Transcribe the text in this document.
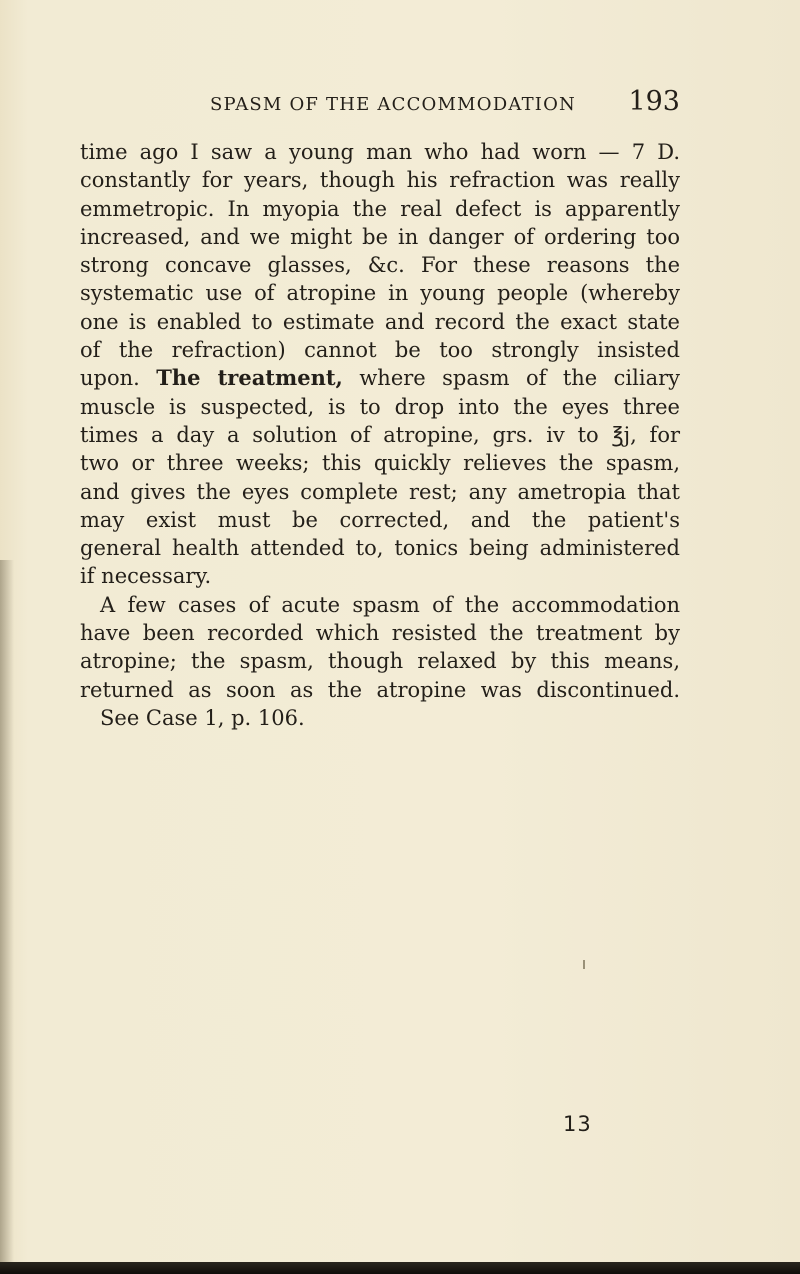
SPASM OF THE ACCOMMODATION 193
time ago I saw a young man who had worn — 7 D.
constantly for years, though his refraction was really
emmetropic. In myopia the real defect is apparently
increased, and we might be in danger of ordering too
strong concave glasses, &c. For these reasons the
systematic use of atropine in young people (whereby
one is enabled to estimate and record the exact state
of the refraction) cannot be too strongly insisted
upon. The treatment, where spasm of the ciliary
muscle is suspected, is to drop into the eyes three
times a day a solution of atropine, grs. iv to ℥j, for
two or three weeks; this quickly relieves the spasm,
and gives the eyes complete rest; any ametropia that
may exist must be corrected, and the patient's
general health attended to, tonics being administered
if necessary.
A few cases of acute spasm of the accommodation
have been recorded which resisted the treatment by
atropine; the spasm, though relaxed by this means,
returned as soon as the atropine was discontinued.
See Case 1, p. 106.
13
